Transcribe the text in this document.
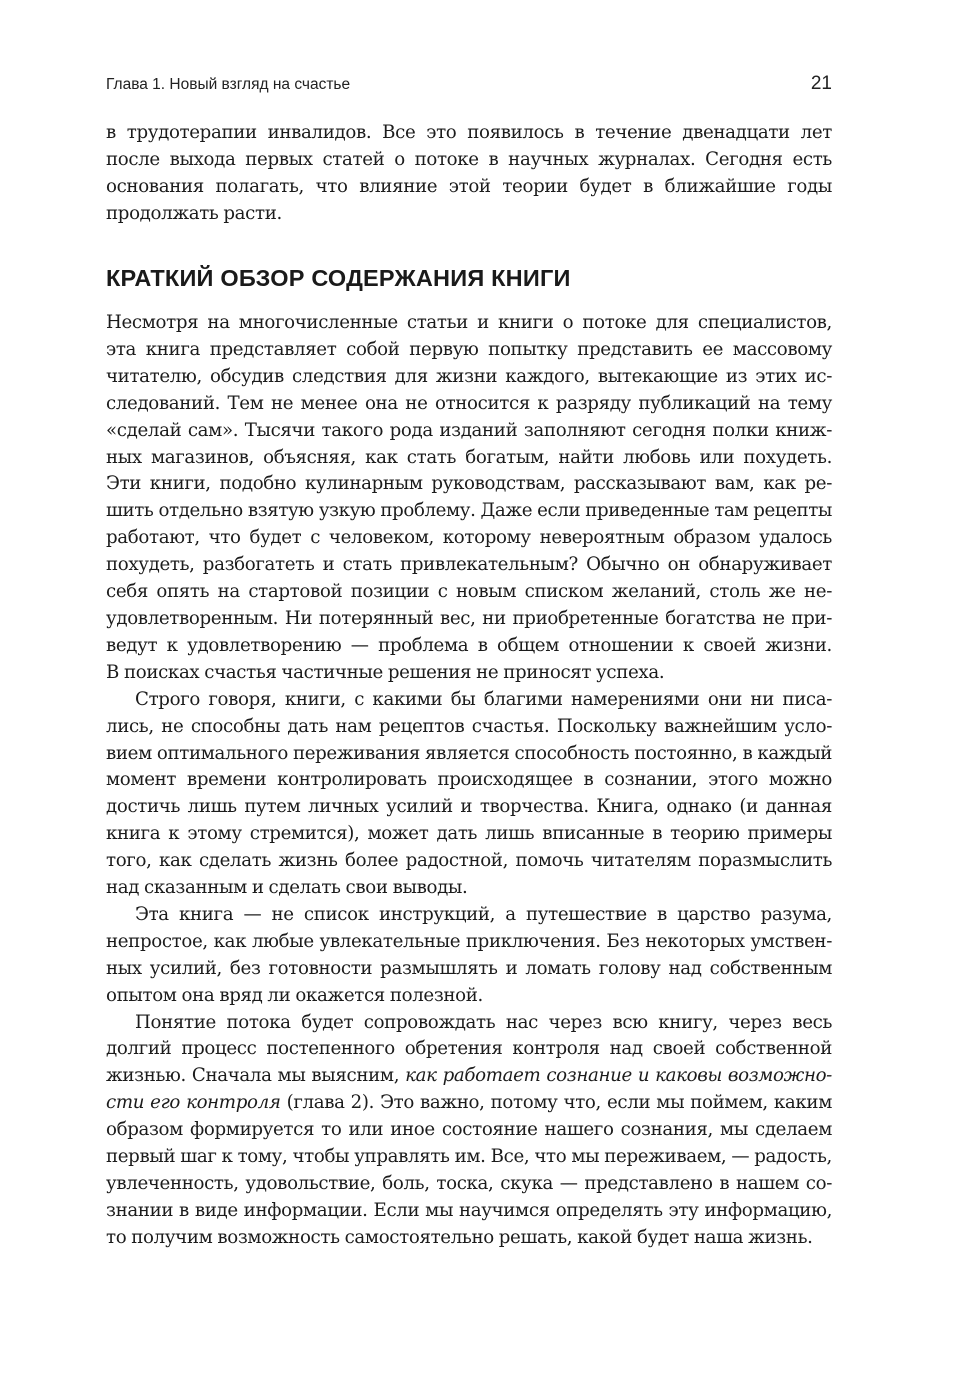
Глава 1. Новый взгляд на счастье	21
в трудотерапии инвалидов. Все это появилось в течение двенадцати лет
после выхода первых статей о потоке в научных журналах. Сегодня есть
основания полагать, что влияние этой теории будет в ближайшие годы
продолжать расти.
КРАТКИЙ ОБЗОР СОДЕРЖАНИЯ КНИГИ
Несмотря на многочисленные статьи и книги о потоке для специалистов,
эта книга представляет собой первую попытку представить ее массовому
читателю, обсудив следствия для жизни каждого, вытекающие из этих ис-
следований. Тем не менее она не относится к разряду публикаций на тему
«сделай сам». Тысячи такого рода изданий заполняют сегодня полки книж-
ных магазинов, объясняя, как стать богатым, найти любовь или похудеть.
Эти книги, подобно кулинарным руководствам, рассказывают вам, как ре-
шить отдельно взятую узкую проблему. Даже если приведенные там рецепты
работают, что будет с человеком, которому невероятным образом удалось
похудеть, разбогатеть и стать привлекательным? Обычно он обнаруживает
себя опять на стартовой позиции с новым списком желаний, столь же не-
удовлетворенным. Ни потерянный вес, ни приобретенные богатства не при-
ведут к удовлетворению — проблема в общем отношении к своей жизни.
В поисках счастья частичные решения не приносят успеха.
Строго говоря, книги, с какими бы благими намерениями они ни писа-
лись, не способны дать нам рецептов счастья. Поскольку важнейшим усло-
вием оптимального переживания является способность постоянно, в каждый
момент времени контролировать происходящее в сознании, этого можно
достичь лишь путем личных усилий и творчества. Книга, однако (и данная
книга к этому стремится), может дать лишь вписанные в теорию примеры
того, как сделать жизнь более радостной, помочь читателям поразмыслить
над сказанным и сделать свои выводы.
Эта книга — не список инструкций, а путешествие в царство разума,
непростое, как любые увлекательные приключения. Без некоторых умствен-
ных усилий, без готовности размышлять и ломать голову над собственным
опытом она вряд ли окажется полезной.
Понятие потока будет сопровождать нас через всю книгу, через весь
долгий процесс постепенного обретения контроля над своей собственной
жизнью. Сначала мы выясним, как работает сознание и каковы возможно-
сти его контроля (глава 2). Это важно, потому что, если мы поймем, каким
образом формируется то или иное состояние нашего сознания, мы сделаем
первый шаг к тому, чтобы управлять им. Все, что мы переживаем, — радость,
увлеченность, удовольствие, боль, тоска, скука — представлено в нашем со-
знании в виде информации. Если мы научимся определять эту информацию,
то получим возможность самостоятельно решать, какой будет наша жизнь.
